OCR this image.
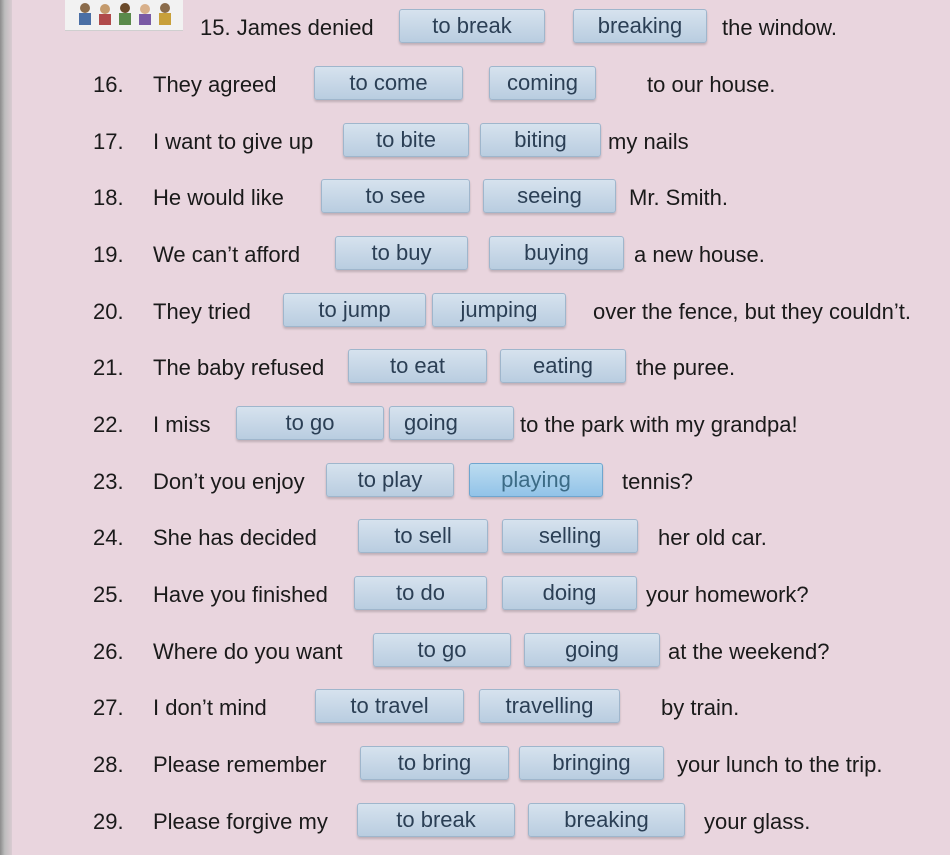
15. James denied	to break	breaking	the window.
16. They agreed	to come	coming	to our house.
17. I want to give up	to bite	biting	my nails
18. He would like	to see	seeing	Mr. Smith.
19. We can’t afford	to buy	buying	a new house.
20. They tried	to jump	jumping	over the fence, but they couldn’t.
21. The baby refused	to eat	eating	the puree.
22. I miss	to go	going	to the park with my grandpa!
23. Don’t you enjoy	to play	playing	tennis?
24. She has decided	to sell	selling	her old car.
25. Have you finished	to do	doing	your homework?
26. Where do you want	to go	going	at the weekend?
27. I don’t mind	to travel	travelling	by train.
28. Please remember	to bring	bringing	your lunch to the trip.
29. Please forgive my	to break	breaking	your glass.
